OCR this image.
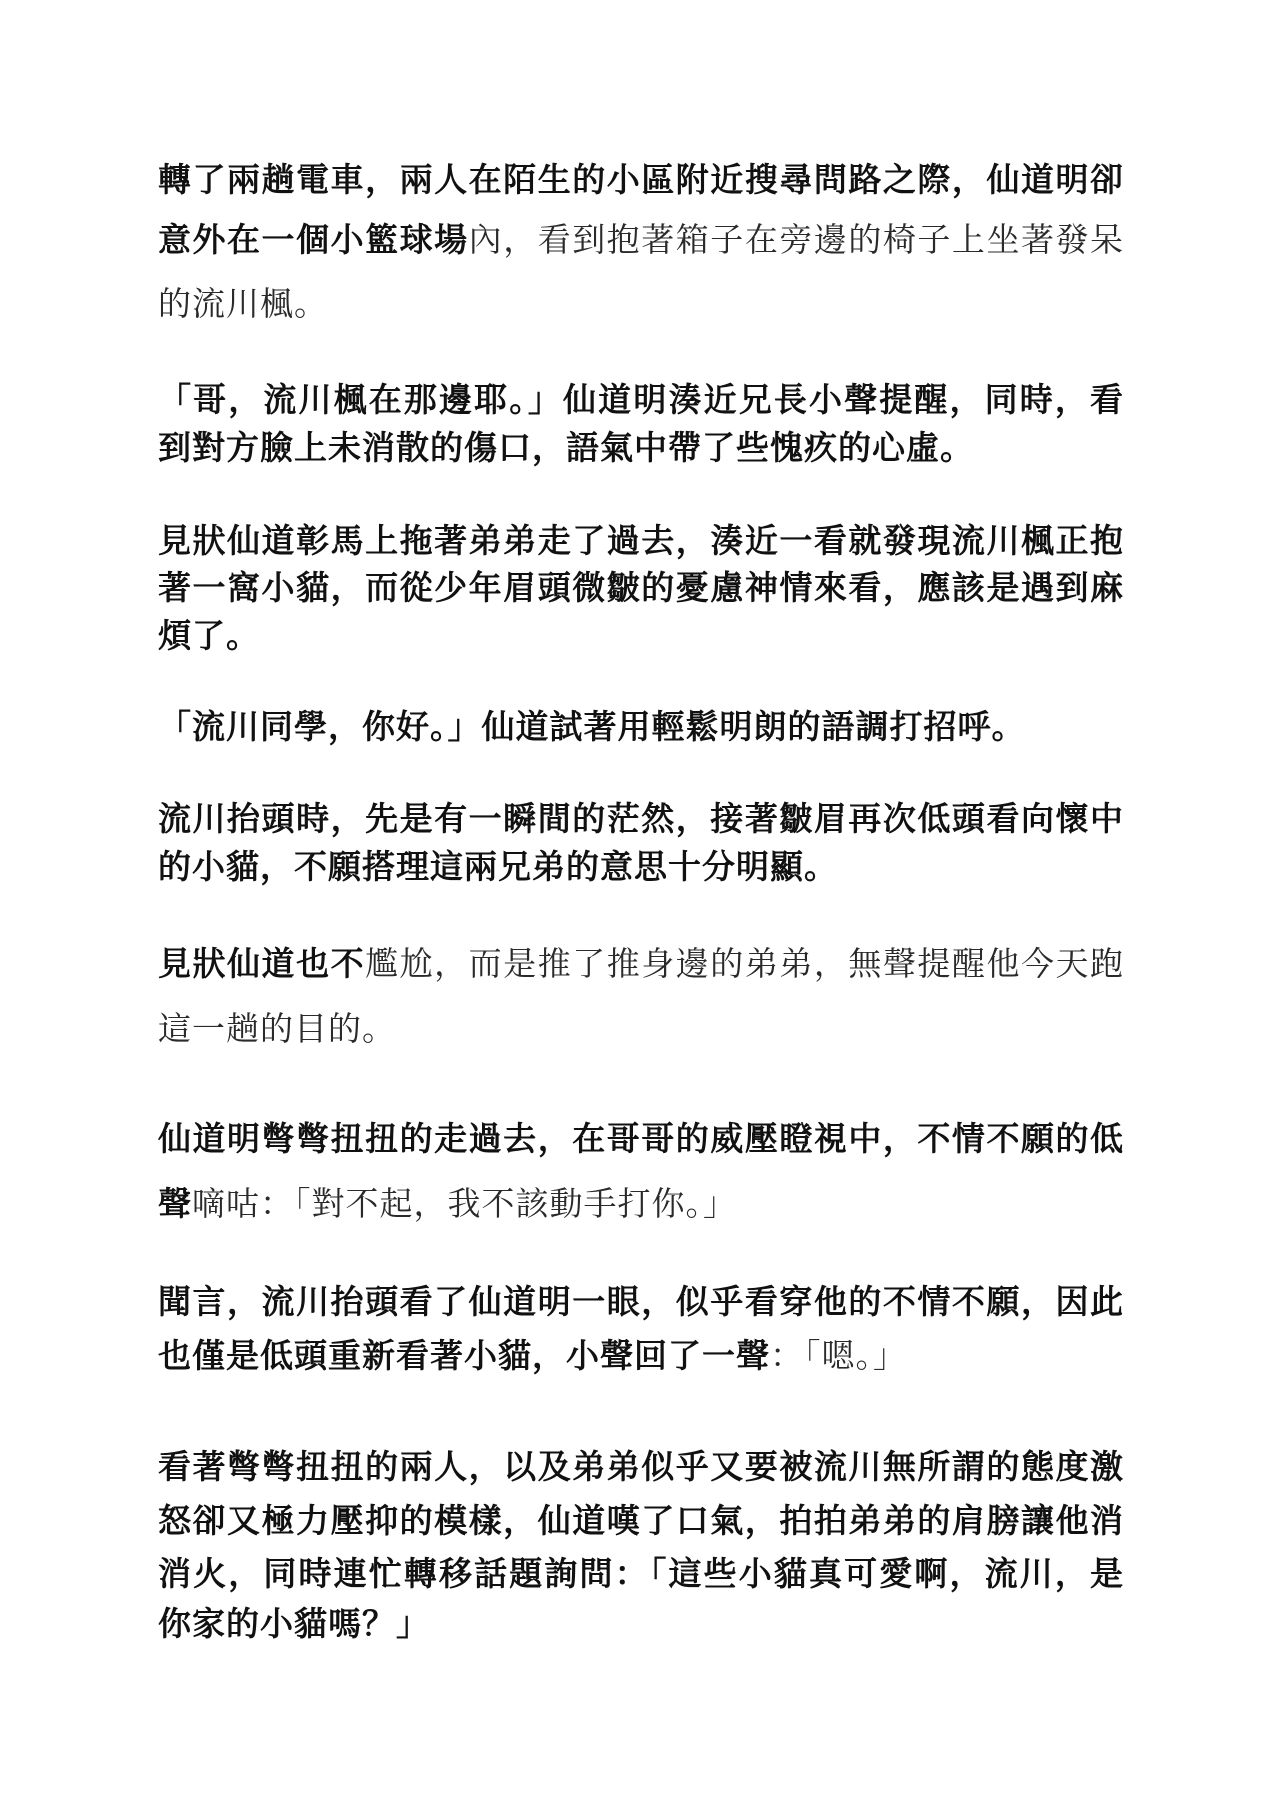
轉了兩趟電車，兩人在陌生的小區附近搜尋問路之際，仙道明卻
意外在一個小籃球場內，看到抱著箱子在旁邊的椅子上坐著發呆
的流川楓。
「哥，流川楓在那邊耶。」仙道明湊近兄長小聲提醒，同時，看
到對方臉上未消散的傷口，語氣中帶了些愧疚的心虛。
見狀仙道彰馬上拖著弟弟走了過去，湊近一看就發現流川楓正抱
著一窩小貓，而從少年眉頭微皺的憂慮神情來看，應該是遇到麻
煩了。
「流川同學，你好。」仙道試著用輕鬆明朗的語調打招呼。
流川抬頭時，先是有一瞬間的茫然，接著皺眉再次低頭看向懷中
的小貓，不願搭理這兩兄弟的意思十分明顯。
見狀仙道也不尷尬，而是推了推身邊的弟弟，無聲提醒他今天跑
這一趟的目的。
仙道明彆彆扭扭的走過去，在哥哥的威壓瞪視中，不情不願的低
聲嘀咕：「對不起，我不該動手打你。」
聞言，流川抬頭看了仙道明一眼，似乎看穿他的不情不願，因此
也僅是低頭重新看著小貓，小聲回了一聲：「嗯。」
看著彆彆扭扭的兩人，以及弟弟似乎又要被流川無所謂的態度激
怒卻又極力壓抑的模樣，仙道嘆了口氣，拍拍弟弟的肩膀讓他消
消火，同時連忙轉移話題詢問：「這些小貓真可愛啊，流川，是
你家的小貓嗎？」
